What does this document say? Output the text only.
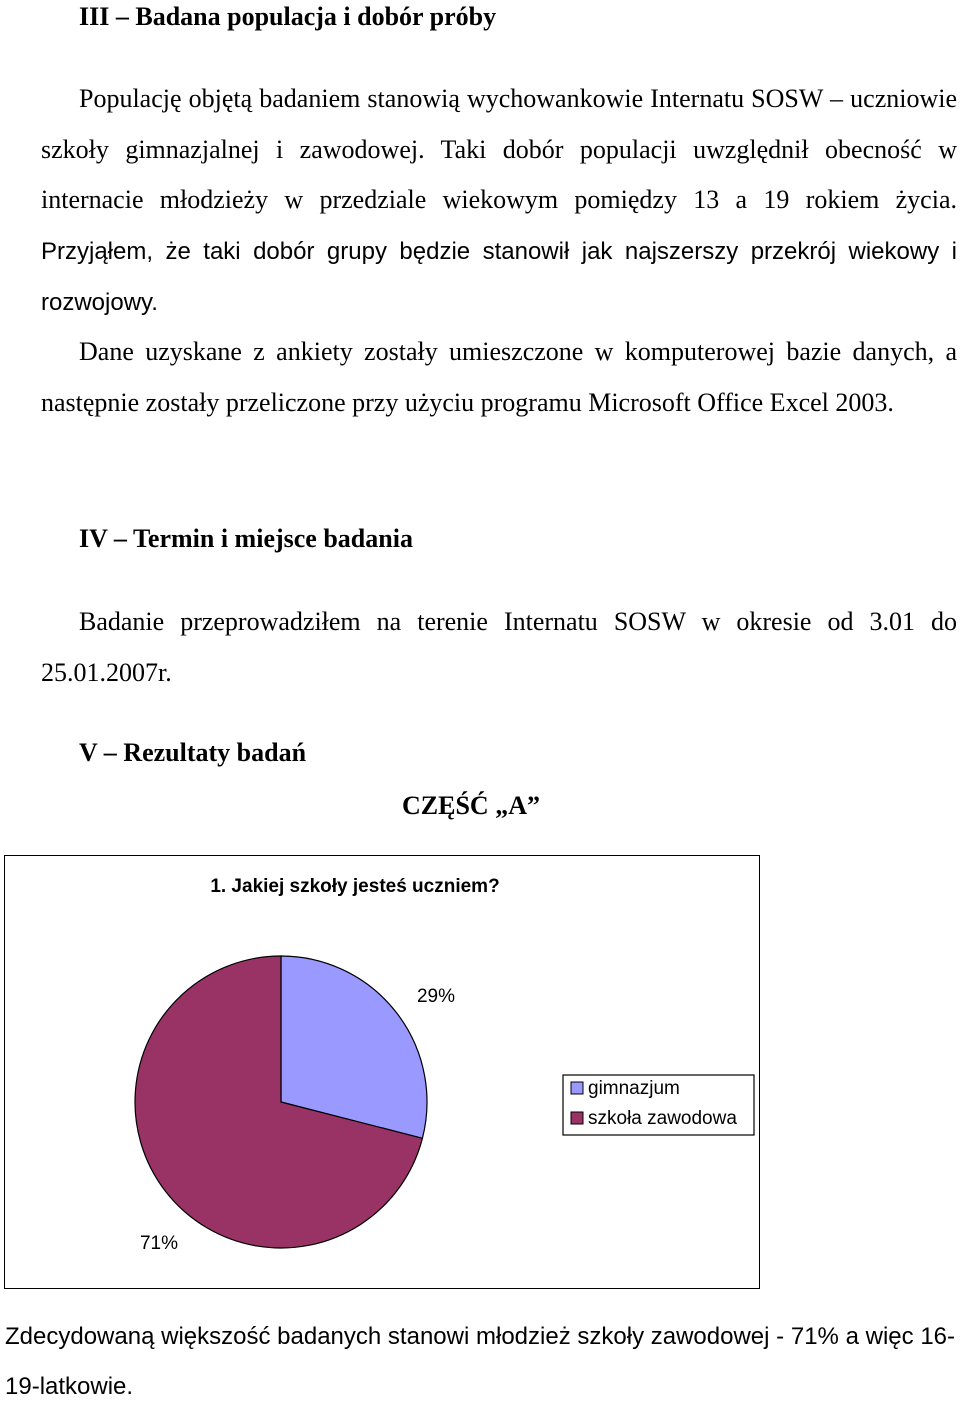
III – Badana populacja i dobór próby

Populację objętą badaniem stanowią wychowankowie Internatu SOSW – uczniowie szkoły gimnazjalnej i zawodowej. Taki dobór populacji uwzględnił obecność w internacie młodzieży w przedziale wiekowym pomiędzy 13 a 19 rokiem życia. Przyjąłem, że taki dobór grupy będzie stanowił jak najszerszy przekrój wiekowy i rozwojowy.

Dane uzyskane z ankiety zostały umieszczone w komputerowej bazie danych, a następnie zostały przeliczone przy użyciu programu Microsoft Office Excel 2003.

IV – Termin i miejsce badania

Badanie przeprowadziłem na terenie Internatu SOSW w okresie od 3.01 do 25.01.2007r.

V – Rezultaty badań
CZĘŚĆ „A”
1. Jakiej szkoły jesteś uczniem?
29%
71%
gimnazjum
szkoła zawodowa

Zdecydowaną większość badanych stanowi młodzież szkoły zawodowej - 71% a więc 16-19-latkowie.
